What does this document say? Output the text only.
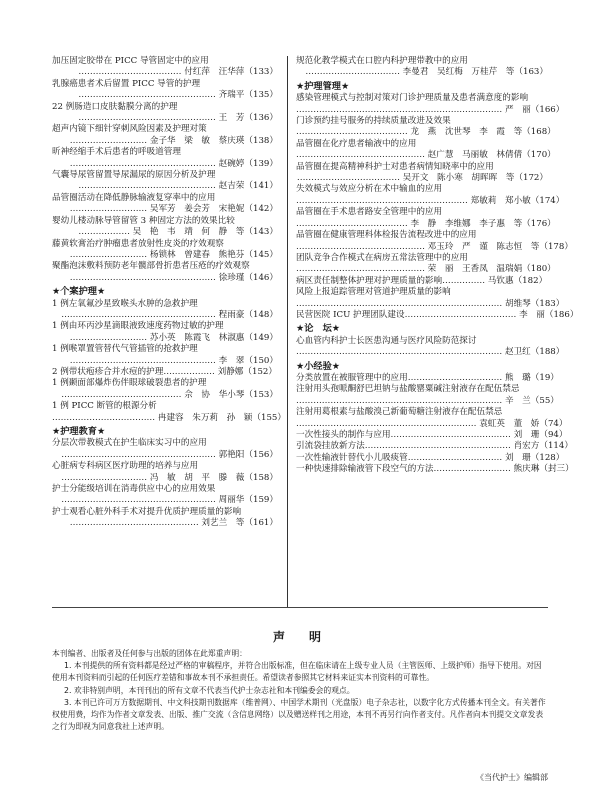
加压固定胶带在 PICC 导管固定中的应用
……………………………… 付红萍　汪华萍（133）
乳腺癌患者术后留置 PICC 导管的护理
………………………………………… 齐瑞平（135）
22 例肠造口皮肤黏膜分离的护理
………………………………………… 王　芳（136）
超声内镜下细针穿刺风险因素及护理对策
……………………… 金子华　梁　敏　蔡庆瑛（138）
昕神经缩手术后患者的呼吸道管理
…………………………………………… 赵碗婷（139）
气囊导尿管留置导尿漏尿的原因分析及护理
………………………………………… 赵吉荣（141）
品管圈活动在降低静脉输液复穿率中的应用
……………………… 吴军芳　姜会芳　宋艳妮（142）
婴幼儿楼动脉导管留管 3 种固定方法的效果比较
……………… 吴　艳　韦　靖　何　静　等（143）
藤黄软膏治疗肿瘤患者放射性皮炎的疗效观察
……………………… 杨锁林　曾建春　熊艳芬（145）
聚酯泡沫敷料预防老年髋部骨折患者压疮的疗效观察
…………………………………………… 徐珍瑾（146）
★个案护理★
1 例左氧氟沙星致喉头水肿的急救护理
……………………………………………… 程雨豪（148）
1 例由环丙沙星滴眼液致速度药物过敏的护理
……………………… 苏小英　陈霞飞　林淑惠（149）
1 例喉罩置管替代气管插管的抢救护理
…………………………………………… 李　翠（150）
2 例带状疱疹合并水痘的护理……………… 刘静娜（152）
1 例颞面部爆炸伤伴眼球破裂患者的护理
…………………………………… 佘　协　华小琴（153）
1 例 PICC 断管的根源分析
……………………………… 冉建容　朱万莉　孙　颖（155）
★护理教育★
分层次带教模式在护生临床实习中的应用
……………………………………………… 郭艳阳（156）
心脏病专科病区医疗助理的培养与应用
………………………… 冯　敏　胡　平　滕　薇（158）
护士分能级培训在消毒供应中心的应用效果
……………………………………………… 周丽华（159）
护士观看心脏外科手术对提升优质护理质量的影响
……………………………………… 刘艺兰　等（161）
规范化教学模式在口腔内科护理带教中的应用
…………………………… 李曼君　吴红梅　万桂芹　等（163）
★护理管理★
感染管理模式与控制对策对门诊护理质量及患者满意度的影响
……………………………………………………………… 严　丽（166）
门诊预约挂号服务的持续质量改进及效果
………………………………… 龙　燕　沈世琴　李　霞　等（168）
品管圈在化疗患者输液中的应用
……………………………………… 赵广慧　马丽敏　林倩倩（170）
品管圈在提高精神科护士对患者病情知晓率中的应用
……………………………… 吴开文　陈小寒　胡晖晖　等（172）
失效模式与效应分析在术中输血的应用
…………………………………………………… 郑敏莉　郑小敏（174）
品管圈在手术患者路安全管理中的应用
………………………………… 李　静　李维娜　李子惠　等（176）
品管圈在健康管理科体检报告流程改进中的应用
……………………………………… 邓玉玲　严　谨　陈志恒　等（178）
团队竞争合作模式在病房五常法管理中的应用
……………………………………… 荣　丽　王香凤　温瑞娟（180）
病区责任制整体护理对护理质量的影响…………… 马钦惠（182）
风险上报追踪管理对管道护理质量的影响
……………………………………………………………… 胡维琴（183）
民营医院 ICU 护理团队建设………………………………… 李　丽（186）
★论　坛★
心血管内科护士长医患沟通与医疗风险防范探讨
……………………………………………………………… 赵卫红（188）
★小经验★
分类放置在被服管理中的应用…………………………… 熊　璐（19）
注射用头孢哌酮舒巴坦钠与盐酸罂粟碱注射液存在配伍禁忌
……………………………………………………………… 辛　兰（55）
注射用葛根素与盐酸溴己新葡萄糖注射液存在配伍禁忌
……………………………………………………… 袁虹英　董　娇（74）
一次性接头的制作与应用…………………………………… 刘　珊（94）
引流袋挂放新方法…………………………………………… 肖宏方（114）
一次性输液针替代小儿吸痰管…………………………… 刘　珊（128）
一种快速排除输液管下段空气的方法……………………… 熊庆琳（封三）
声　明

本刊编者、出版者及任何参与出版的团体在此郑重声明：

1. 本刊提供的所有资料都是经过严格的审稿程序，并符合出版标准，但在临床请在上级专业人员（主管医师、上级护师）指导下使用。对因使用本刊资料而引起的任何医疗差错和事故本刊不承担责任。希望读者参照其它材料来证实本刊资料的可靠性。

2. 欢非特别声明，本刊刊出的所有文章不代表当代护士杂志社和本刊编委会的观点。

3. 本刊已许可万方数据期刊、中文科技期刊数据库（维普网）、中国学术期刊（光盘版）电子杂志社，以数字化方式传播本刊全文。有关著作权使用费，均作为作者文章发表、出版、推广交流（含信息网络）以及赠送样刊之用途，本刊不再另行向作者支付。凡作者向本刊提交文章发表之行为即视为同意我社上述声明。

《当代护士》编辑部
